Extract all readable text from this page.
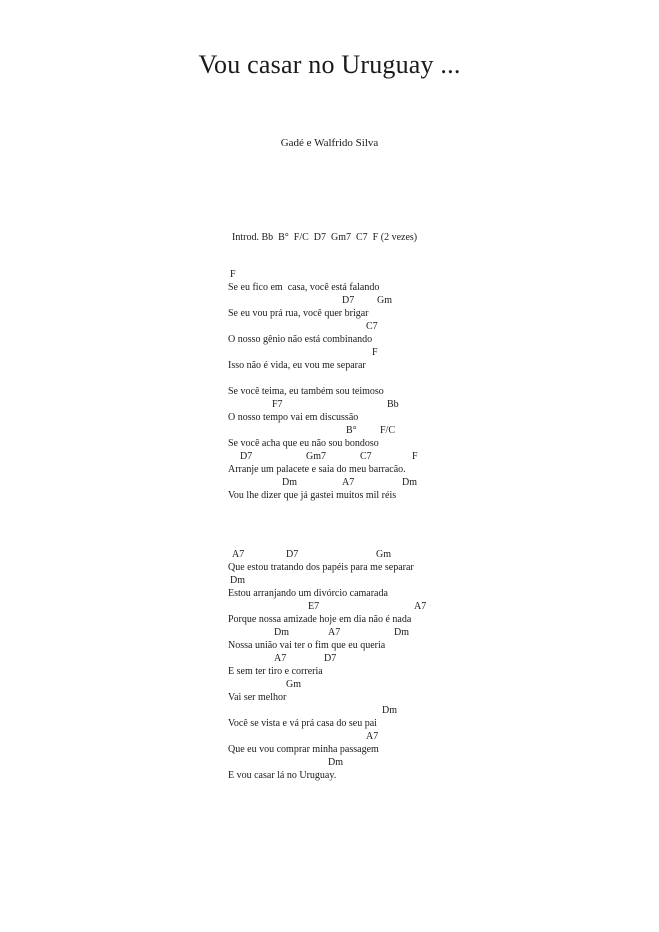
Vou casar no Uruguay ...
Gadé e Walfrido Silva
Introd. Bb  B°  F/C  D7  Gm7  C7  F (2 vezes)

F

Se eu fico em  casa, você está falando

D7

Gm

Se eu vou prá rua, você quer brigar

C7

O nosso gênio não está combinando

F

Isso não é vida, eu vou me separar
Se você teima, eu também sou teimoso

F7

	Bb

O nosso tempo vai em discussão

B°

F/C

Se você acha que eu não sou bondoso

D7

	Gm7

	C7

	F

Arranje um palacete e saia do meu barracão.

Dm

	A7

	Dm

Vou lhe dizer que já gastei muitos mil réis

A7

	D7

	Gm

Que estou tratando dos papéis para me separar

Dm

Estou arranjando um divórcio camarada

E7

	A7

Porque nossa amizade hoje em dia não é nada

Dm

	A7

	Dm

Nossa união vai ter o fim que eu queria

A7

	D7

E sem ter tiro e correria

Gm

Vai ser melhor

Dm

Você se vista e vá prá casa do seu pai

A7

Que eu vou comprar minha passagem

Dm

E vou casar lá no Uruguay.
